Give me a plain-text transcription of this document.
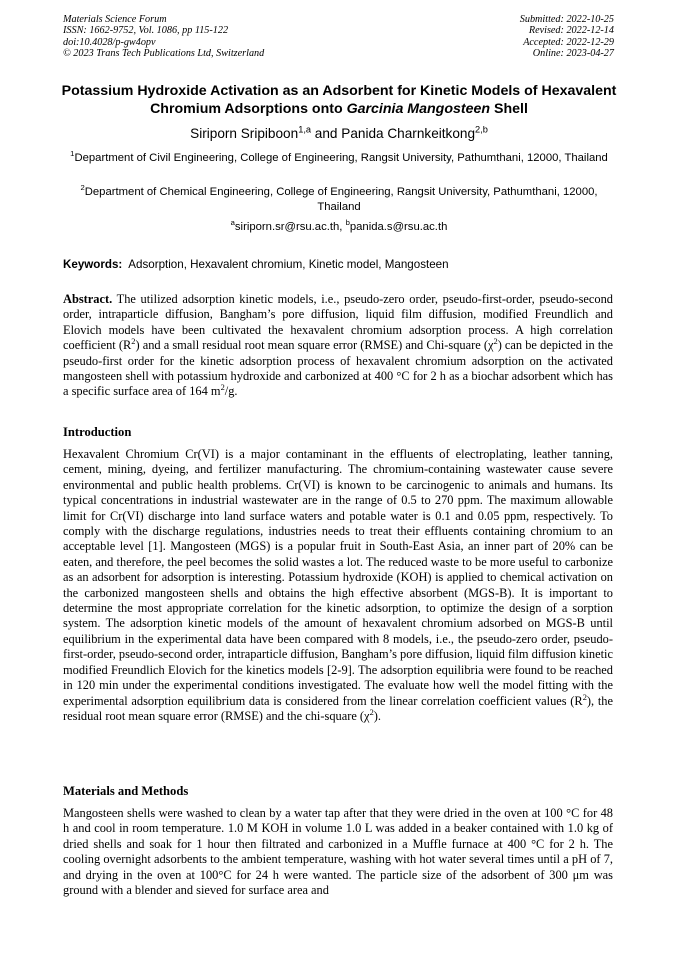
Materials Science Forum
ISSN: 1662-9752, Vol. 1086, pp 115-122
doi:10.4028/p-gw4opv
© 2023 Trans Tech Publications Ltd, Switzerland
Submitted: 2022-10-25
Revised: 2022-12-14
Accepted: 2022-12-29
Online: 2023-04-27
Potassium Hydroxide Activation as an Adsorbent for Kinetic Models of Hexavalent Chromium Adsorptions onto Garcinia Mangosteen Shell
Siriporn Sripiboon$^{1,a}$ and Panida Charnkeitkong$^{2,b}$
$^1$Department of Civil Engineering, College of Engineering, Rangsit University, Pathumthani, 12000, Thailand
$^2$Department of Chemical Engineering, College of Engineering, Rangsit University, Pathumthani, 12000, Thailand
$^a$siriporn.sr@rsu.ac.th, $^b$panida.s@rsu.ac.th
Keywords: Adsorption, Hexavalent chromium, Kinetic model, Mangosteen
Abstract. The utilized adsorption kinetic models, i.e., pseudo-zero order, pseudo-first-order, pseudo-second order, intraparticle diffusion, Bangham’s pore diffusion, liquid film diffusion, modified Freundlich and Elovich models have been cultivated the hexavalent chromium adsorption process. A high correlation coefficient $(R^2)$ and a small residual root mean square error (RMSE) and Chi-square $(\chi^2)$ can be depicted in the pseudo-first order for the kinetic adsorption process of hexavalent chromium adsorption on the activated mangosteen shell with potassium hydroxide and carbonized at 400 °C for 2 h as a biochar adsorbent which has a specific surface area of 164 $m^2/g$.
Introduction
Hexavalent Chromium Cr(VI) is a major contaminant in the effluents of electroplating, leather tanning, cement, mining, dyeing, and fertilizer manufacturing. The chromium-containing wastewater cause severe environmental and public health problems. Cr(VI) is known to be carcinogenic to animals and humans. Its typical concentrations in industrial wastewater are in the range of 0.5 to 270 ppm. The maximum allowable limit for Cr(VI) discharge into land surface waters and potable water is 0.1 and 0.05 ppm, respectively. To comply with the discharge regulations, industries needs to treat their effluents containing chromium to an acceptable level [1]. Mangosteen (MGS) is a popular fruit in South-East Asia, an inner part of 20% can be eaten, and therefore, the peel becomes the solid wastes a lot. The reduced waste to be more useful to carbonize as an adsorbent for adsorption is interesting. Potassium hydroxide (KOH) is applied to chemical activation on the carbonized mangosteen shells and obtains the high effective absorbent (MGS-B). It is important to determine the most appropriate correlation for the kinetic adsorption, to optimize the design of a sorption system. The adsorption kinetic models of the amount of hexavalent chromium adsorbed on MGS-B until equilibrium in the experimental data have been compared with 8 models, i.e., the pseudo-zero order, pseudo-first-order, pseudo-second order, intraparticle diffusion, Bangham’s pore diffusion, liquid film diffusion kinetic modified Freundlich Elovich for the kinetics models [2-9]. The adsorption equilibria were found to be reached in 120 min under the experimental conditions investigated. The evaluate how well the model fitting with the experimental adsorption equilibrium data is considered from the linear correlation coefficient values $(R^2)$, the residual root mean square error (RMSE) and the chi-square $(\chi^2)$.
Materials and Methods
Mangosteen shells were washed to clean by a water tap after that they were dried in the oven at 100 °C for 48 h and cool in room temperature. 1.0 M KOH in volume 1.0 L was added in a beaker contained with 1.0 kg of dried shells and soak for 1 hour then filtrated and carbonized in a Muffle furnace at 400 °C for 2 h. The cooling overnight adsorbents to the ambient temperature, washing with hot water several times until a pH of 7, and drying in the oven at 100°C for 24 h were wanted. The particle size of the adsorbent of 300 μm was ground with a blender and sieved for surface area and
